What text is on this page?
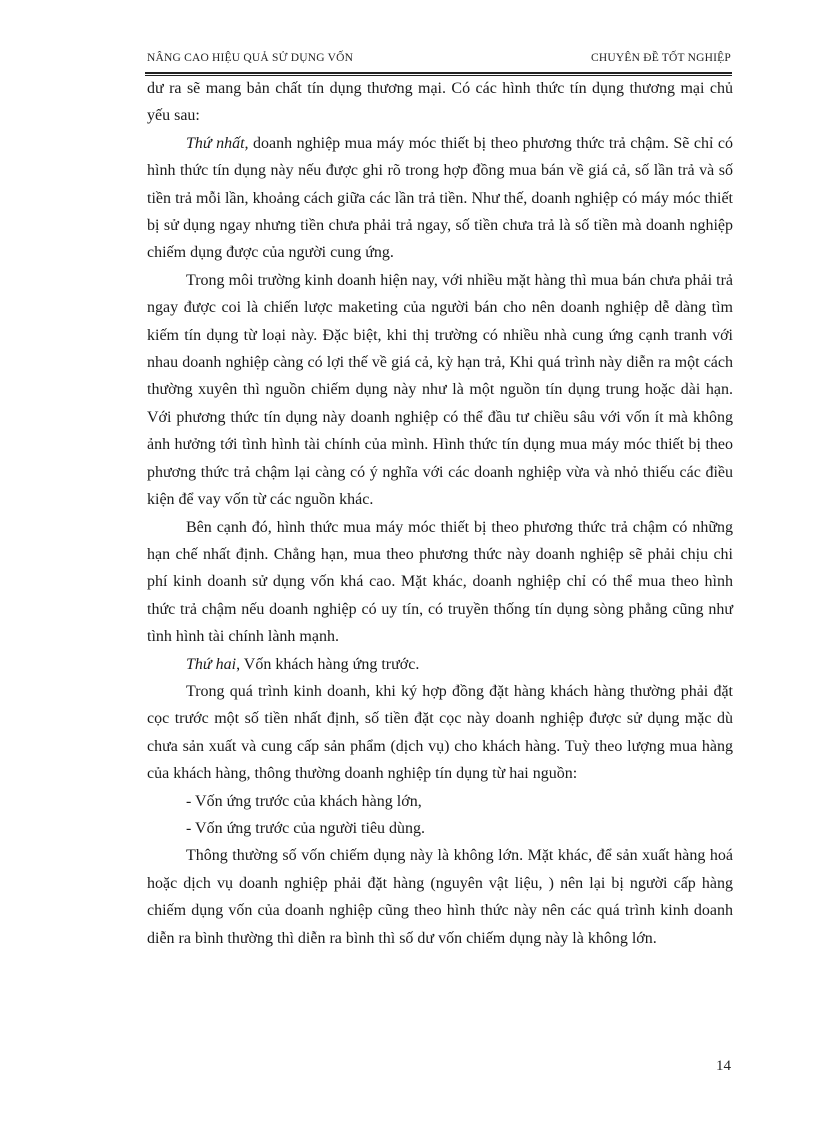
NÂNG CAO HIỆU QUẢ SỬ DỤNG VỐN	CHUYÊN ĐỀ TỐT NGHIỆP

dư ra sẽ mang bản chất tín dụng thương mại. Có các hình thức tín dụng thương mại chủ yếu sau:

Thứ nhất, doanh nghiệp mua máy móc thiết bị theo phương thức trả chậm. Sẽ chỉ có hình thức tín dụng này nếu được ghi rõ trong hợp đồng mua bán về giá cả, số lần trả và số tiền trả mỗi lần, khoảng cách giữa các lần trả tiền. Như thế, doanh nghiệp có máy móc thiết bị sử dụng ngay nhưng tiền chưa phải trả ngay, số tiền chưa trả là số tiền mà doanh nghiệp chiếm dụng được của người cung ứng.

Trong môi trường kinh doanh hiện nay, với nhiều mặt hàng thì mua bán chưa phải trả ngay được coi là chiến lược maketing của người bán cho nên doanh nghiệp dễ dàng tìm kiếm tín dụng từ loại này. Đặc biệt, khi thị trường có nhiều nhà cung ứng cạnh tranh với nhau doanh nghiệp càng có lợi thế về giá cả, kỳ hạn trả, Khi quá trình này diễn ra một cách thường xuyên thì nguồn chiếm dụng này như là một nguồn tín dụng trung hoặc dài hạn. Với phương thức tín dụng này doanh nghiệp có thể đầu tư chiều sâu với vốn ít mà không ảnh hưởng tới tình hình tài chính của mình. Hình thức tín dụng mua máy móc thiết bị theo phương thức trả chậm lại càng có ý nghĩa với các doanh nghiệp vừa và nhỏ thiếu các điều kiện để vay vốn từ các nguồn khác.

Bên cạnh đó, hình thức mua máy móc thiết bị theo phương thức trả chậm có những hạn chế nhất định. Chẳng hạn, mua theo phương thức này doanh nghiệp sẽ phải chịu chi phí kinh doanh sử dụng vốn khá cao. Mặt khác, doanh nghiệp chỉ có thể mua theo hình thức trả chậm nếu doanh nghiệp có uy tín, có truyền thống tín dụng sòng phẳng cũng như tình hình tài chính lành mạnh.

Thứ hai, Vốn khách hàng ứng trước.

Trong quá trình kinh doanh, khi ký hợp đồng đặt hàng khách hàng thường phải đặt cọc trước một số tiền nhất định, số tiền đặt cọc này doanh nghiệp được sử dụng mặc dù chưa sản xuất và cung cấp sản phẩm (dịch vụ) cho khách hàng. Tuỳ theo lượng mua hàng của khách hàng, thông thường doanh nghiệp tín dụng từ hai nguồn:

- Vốn ứng trước của khách hàng lớn,

- Vốn ứng trước của người tiêu dùng.

Thông thường số vốn chiếm dụng này là không lớn. Mặt khác, để sản xuất hàng hoá hoặc dịch vụ doanh nghiệp phải đặt hàng (nguyên vật liệu, ) nên lại bị người cấp hàng chiếm dụng vốn của doanh nghiệp cũng theo hình thức này nên các quá trình kinh doanh diễn ra bình thường thì diễn ra bình thì số dư vốn chiếm dụng này là không lớn.

14
